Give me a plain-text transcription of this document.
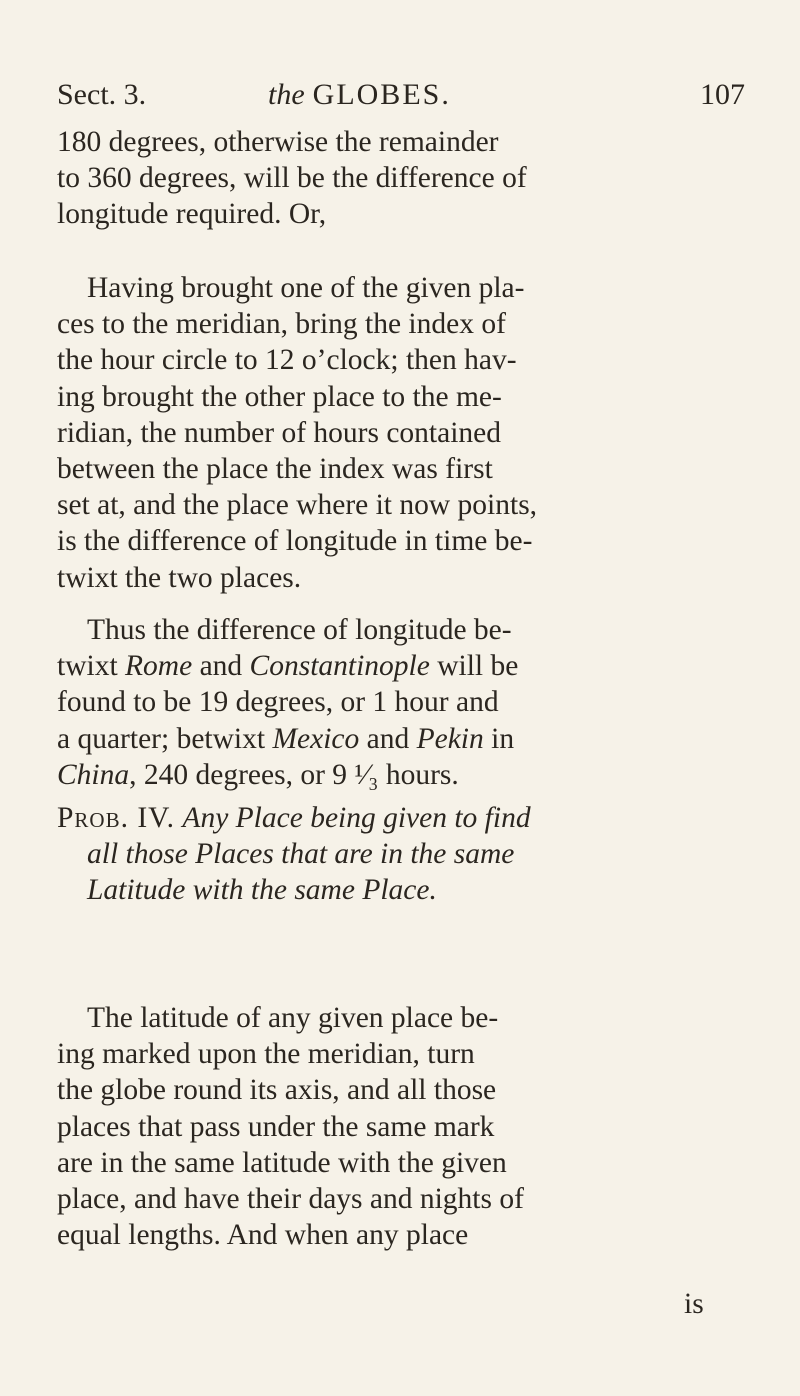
Sect. 3.	the GLOBES.	107
180 degrees, otherwise the remainder
to 360 degrees, will be the difference of
longitude required. Or,
Having brought one of the given pla-
ces to the meridian, bring the index of
the hour circle to 12 o’clock; then hav-
ing brought the other place to the me-
ridian, the number of hours contained
between the place the index was first
set at, and the place where it now points,
is the difference of longitude in time be-
twixt the two places.
Thus the difference of longitude be-
twixt Rome and Constantinople will be
found to be 19 degrees, or 1 hour and
a quarter; betwixt Mexico and Pekin in
China, 240 degrees, or 9 ¹⁄₃ hours.
Prob. IV. Any Place being given to find
all those Places that are in the same
Latitude with the same Place.
The latitude of any given place be-
ing marked upon the meridian, turn
the globe round its axis, and all those
places that pass under the same mark
are in the same latitude with the given
place, and have their days and nights of
equal lengths. And when any place
is
